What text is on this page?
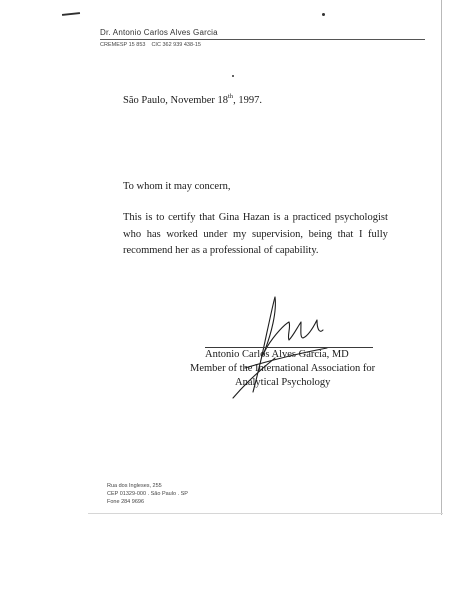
Dr. Antonio Carlos Alves Garcia
CREMESP 15 853 CIC 362 939 438-15
São Paulo, November 18th, 1997.
To whom it may concern,
This is to certify that Gina Hazan is a practiced psychologist
who has worked under my supervision, being that I fully
recommend her as a professional of capability.
Antonio Carlos Alves Garcia, MD
Member of the International Association for
Analytical Psychology
Rua dos Ingleses, 255
CEP 01329-000 . São Paulo . SP
Fone 284 9696
